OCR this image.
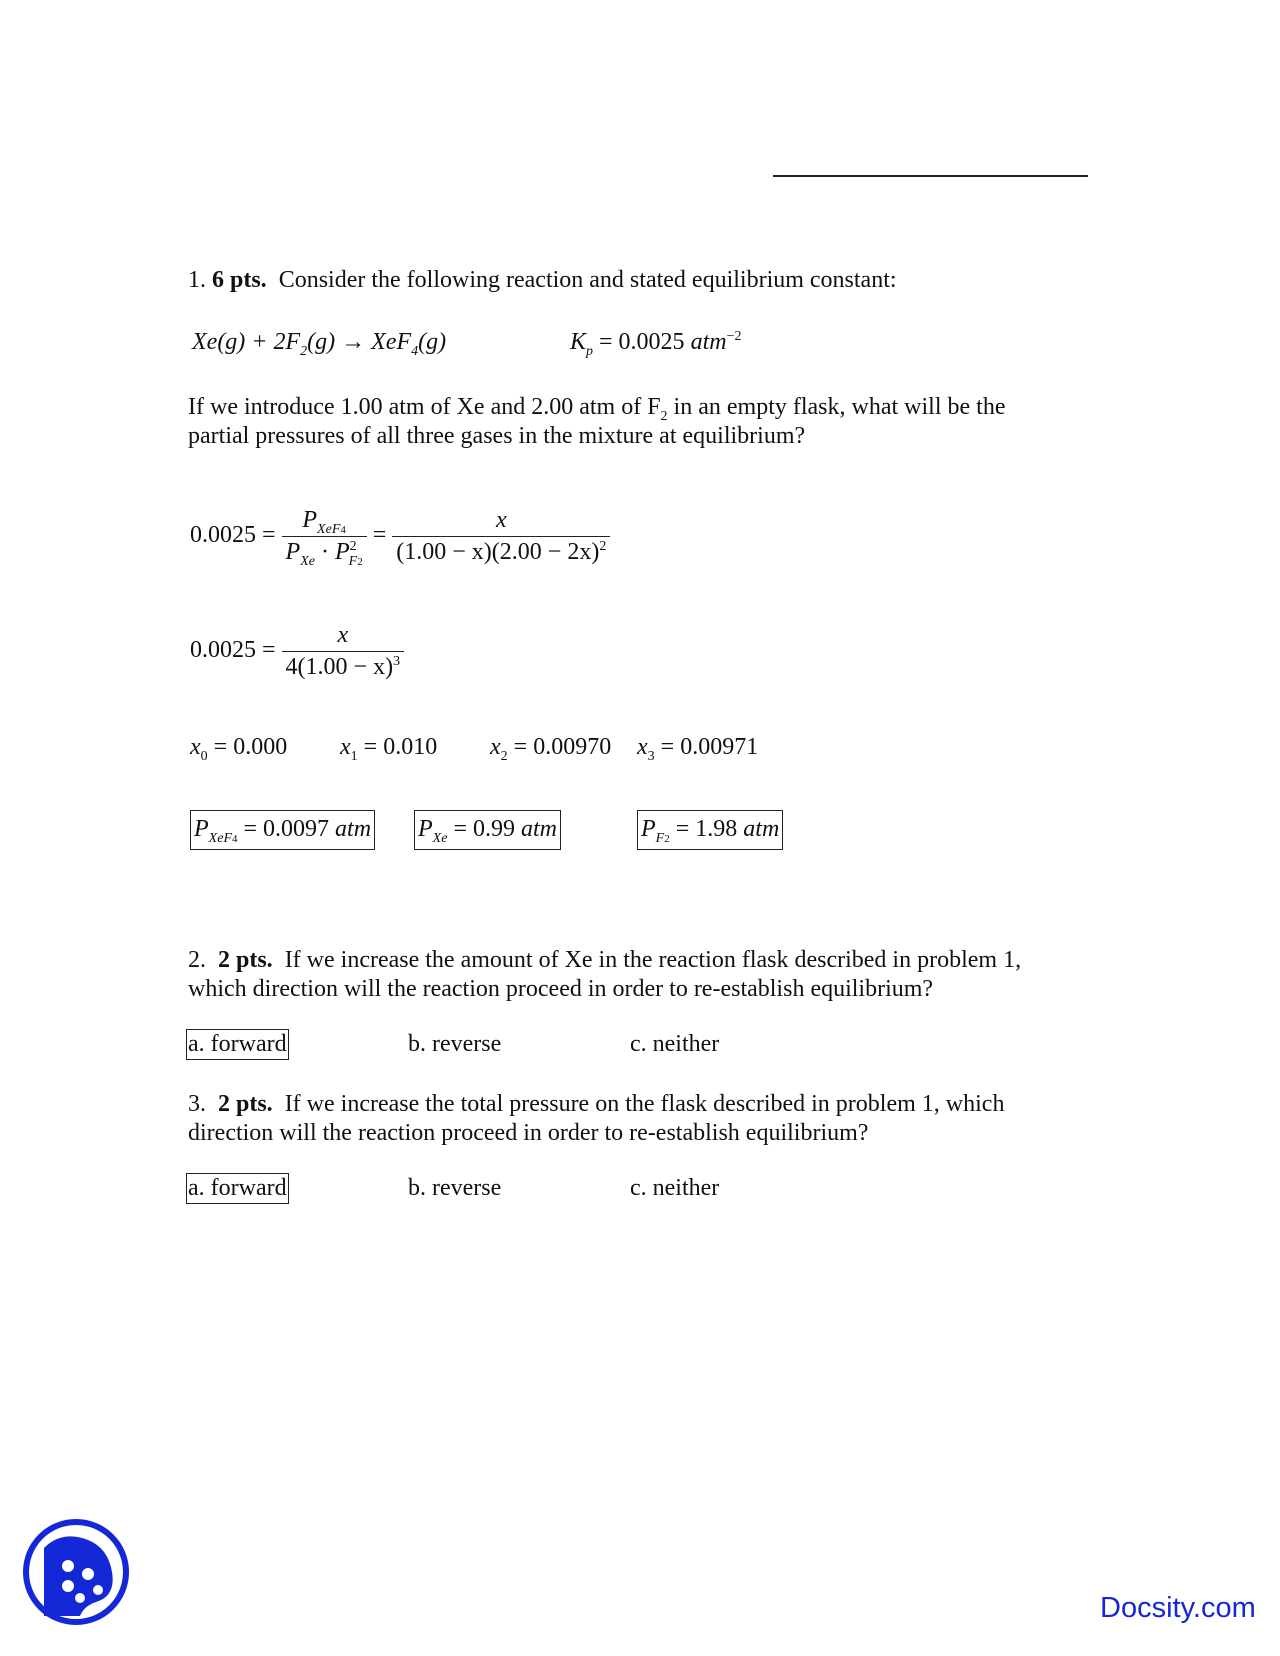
1. 6 pts. Consider the following reaction and stated equilibrium constant:
$Xe(g) + 2F_2(g) \to XeF_4(g)$	$K_p = 0.0025$ atm$^{-2}$
If we introduce 1.00 atm of Xe and 2.00 atm of $F_2$ in an empty flask, what will be the
partial pressures of all three gases in the mixture at equilibrium?
$0.0025 = \frac{P_{XeF4}}{P_{Xe} \cdot P^2_{F2}} = \frac{x}{(1.00 - x)(2.00 - 2x)^2}$
$0.0025 = \frac{x}{4(1.00 - x)^3}$
$x_0 = 0.000$ $x_1 = 0.010$ $x_2 = 0.00970$ $x_3 = 0.00971$
$P_{XeF4} = 0.0097$ atm $P_{Xe} = 0.99$ atm	$P_{F2} = 1.98$ atm
2. 2 pts. If we increase the amount of Xe in the reaction flask described in problem 1,
which direction will the reaction proceed in order to re-establish equilibrium?
a. forward	b. reverse	c. neither
3. 2 pts. If we increase the total pressure on the flask described in problem 1, which
direction will the reaction proceed in order to re-establish equilibrium?
a. forward	b. reverse	c. neither
Docsity.com
